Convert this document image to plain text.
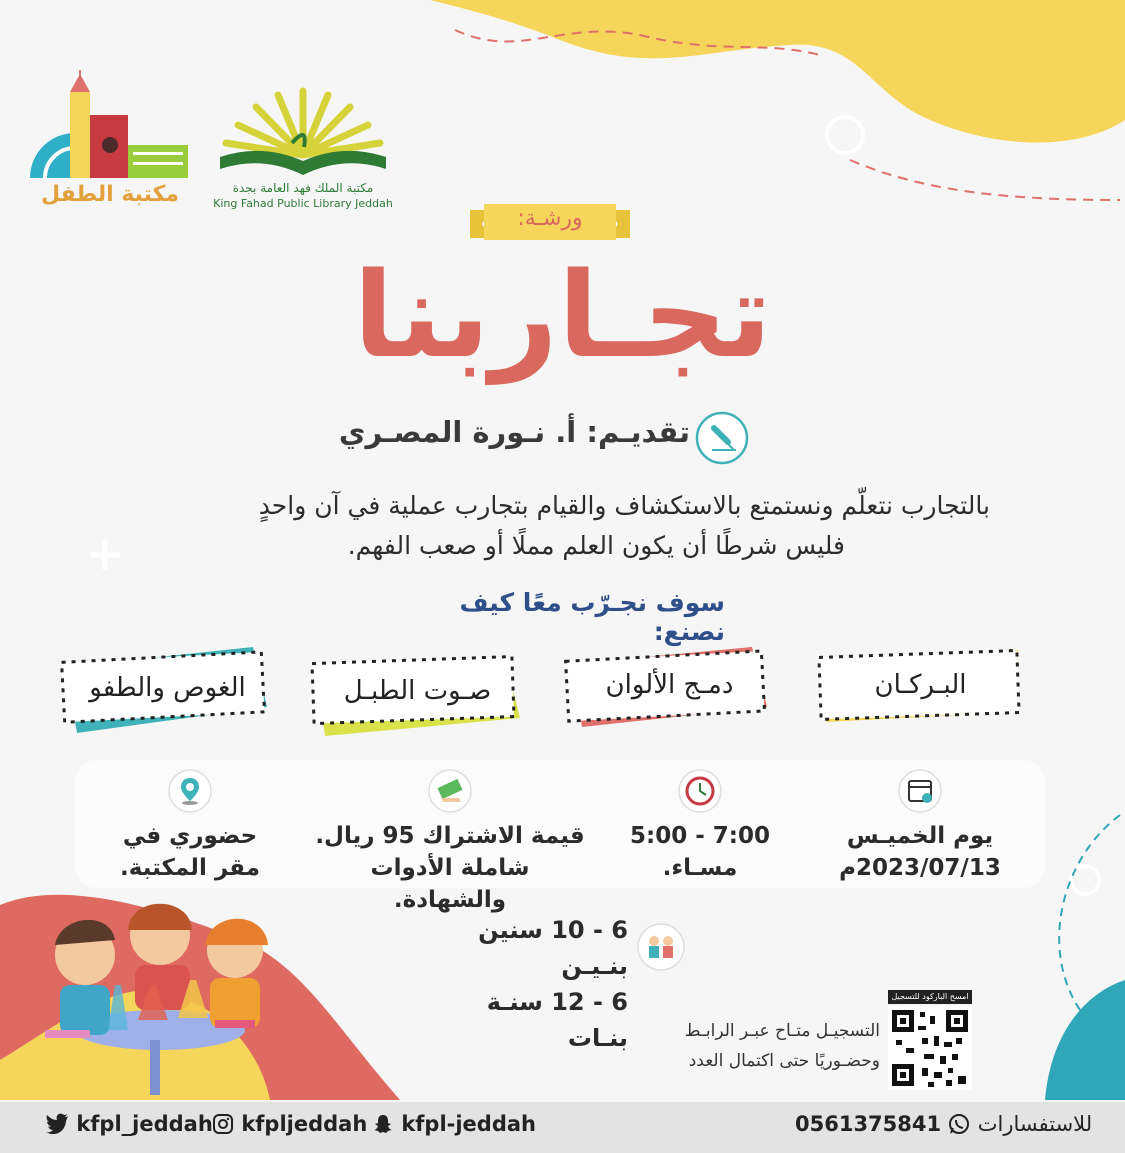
مكتبة الملك فهد العامة بجدة
King Fahad Public Library Jeddah
مكتبة الطفل
ورشـة:
تجـاربنا
تقديـم: أ. نـورة المصـري
بالتجارب نتعلّم ونستمتع بالاستكشاف والقيام بتجارب عملية في آن واحدٍ
فليس شرطًا أن يكون العلم مملًا أو صعب الفهم.
سوف نجـرّب معًا كيف نصنع:
البـركـان
دمـج الألوان
صـوت الطبـل
الغوص والطفو
يوم الخميـس
2023/07/13م
5:00 - 7:00
مسـاء.
قيمة الاشتراك 95 ريال.
شاملة الأدوات والشهادة.
حضوري في
مقر المكتبة.
6 - 10 سنين بنـيـن
6 - 12 سنـة بنـات
امسح الباركود للتسجيل
التسجيـل متـاح عبـر الرابـط
وحضـوريًا حتى اكتمال العدد
0561375841 للاستفسارات
kfpl-jeddah
kfpljeddah
kfpl_jeddah
